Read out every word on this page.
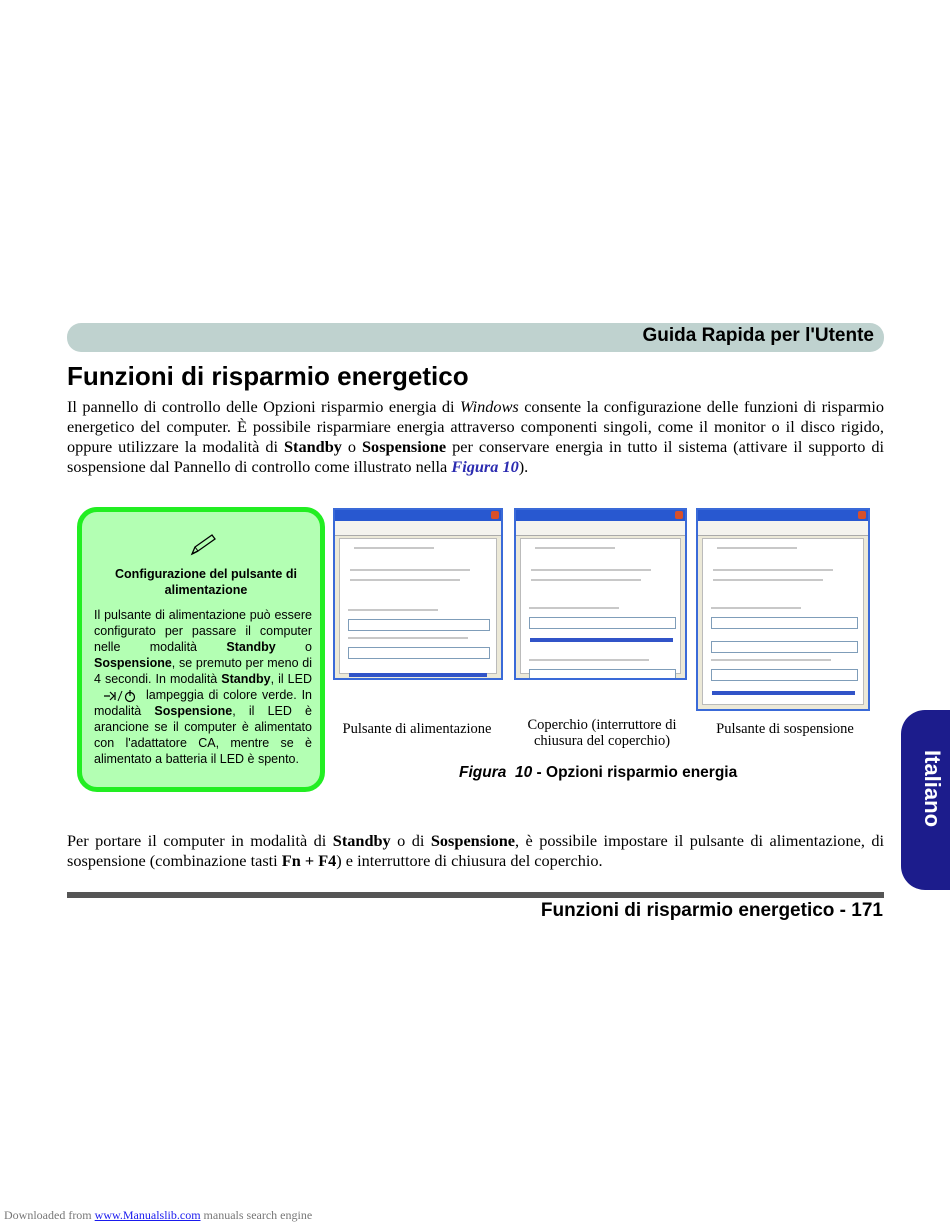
Guida Rapida per l'Utente
Funzioni di risparmio energetico

Il pannello di controllo delle Opzioni risparmio energia di Windows consente la configurazione delle funzioni di risparmio energetico del computer. È possibile risparmiare energia attraverso componenti singoli, come il monitor o il disco rigido, oppure utilizzare la modalità di Standby o Sospensione per conservare energia in tutto il sistema (attivare il supporto di sospensione dal Pannello di controllo come illustrato nella Figura 10).

Configurazione del pulsante di alimentazione
Il pulsante di alimentazione può essere configurato per passare il computer nelle modalità Standby o Sospensione, se premuto per meno di 4 secondi. In modalità Standby, il LEDlampeggia di colore verde. In modalità Sospensione, il LED è arancione se il computer è alimentato con l'adattatore CA, mentre se è alimentato a batteria il LED è spento.
Pulsante di alimentazione	Coperchio (interruttore di chiusura del coperchio)
Pulsante di sospensione
Figura 10 - Opzioni risparmio energia

Per portare il computer in modalità di Standby o di Sospensione, è possibile impostare il pulsante di alimentazione, di sospensione (combinazione tasti Fn + F4) e interruttore di chiusura del coperchio.

Italiano
Funzioni di risparmio energetico - 171
Downloaded from www.Manualslib.com manuals search engine
